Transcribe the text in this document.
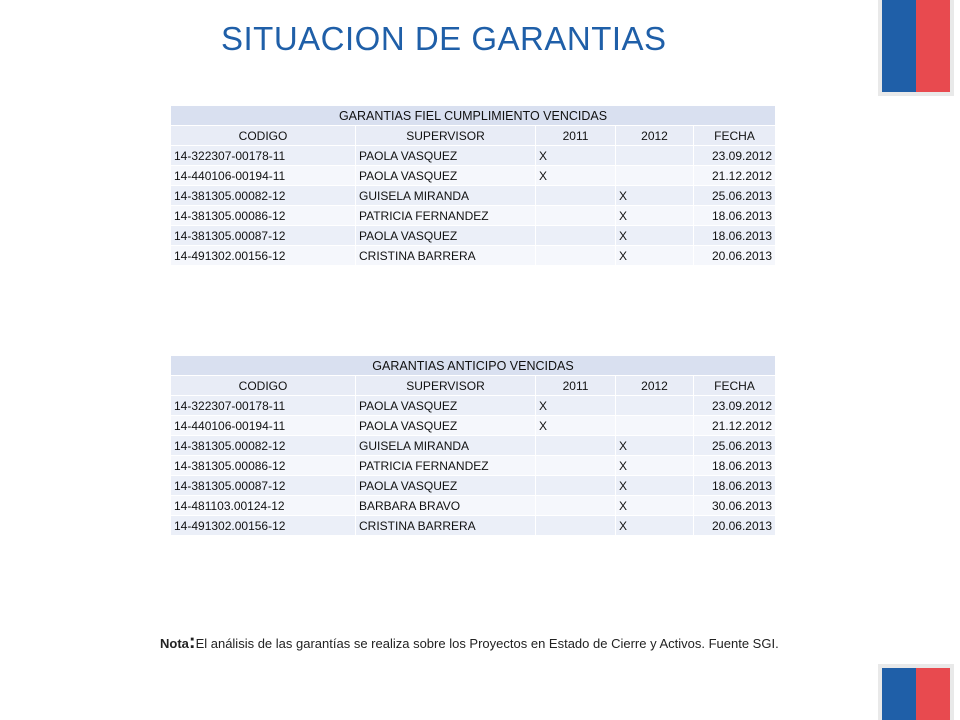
SITUACION DE GARANTIAS
GARANTIAS FIEL CUMPLIMIENTO VENCIDAS				
CODIGO	SUPERVISOR	2011	2012	FECHA
14-322307-00178-11	PAOLA VASQUEZ	X		23.09.2012
14-440106-00194-11	PAOLA VASQUEZ	X		21.12.2012
14-381305.00082-12	GUISELA MIRANDA		X	25.06.2013
14-381305.00086-12	PATRICIA FERNANDEZ		X	18.06.2013
14-381305.00087-12	PAOLA VASQUEZ		X	18.06.2013
14-491302.00156-12	CRISTINA BARRERA		X	20.06.2013
GARANTIAS ANTICIPO VENCIDAS				
CODIGO	SUPERVISOR	2011	2012	FECHA
14-322307-00178-11	PAOLA VASQUEZ	X		23.09.2012
14-440106-00194-11	PAOLA VASQUEZ	X		21.12.2012
14-381305.00082-12	GUISELA MIRANDA		X	25.06.2013
14-381305.00086-12	PATRICIA FERNANDEZ		X	18.06.2013
14-381305.00087-12	PAOLA VASQUEZ		X	18.06.2013
14-481103.00124-12	BARBARA BRAVO		X	30.06.2013
14-491302.00156-12	CRISTINA BARRERA		X	20.06.2013
Nota:El análisis de las garantías se realiza sobre los Proyectos en Estado de Cierre y Activos. Fuente SGI.
